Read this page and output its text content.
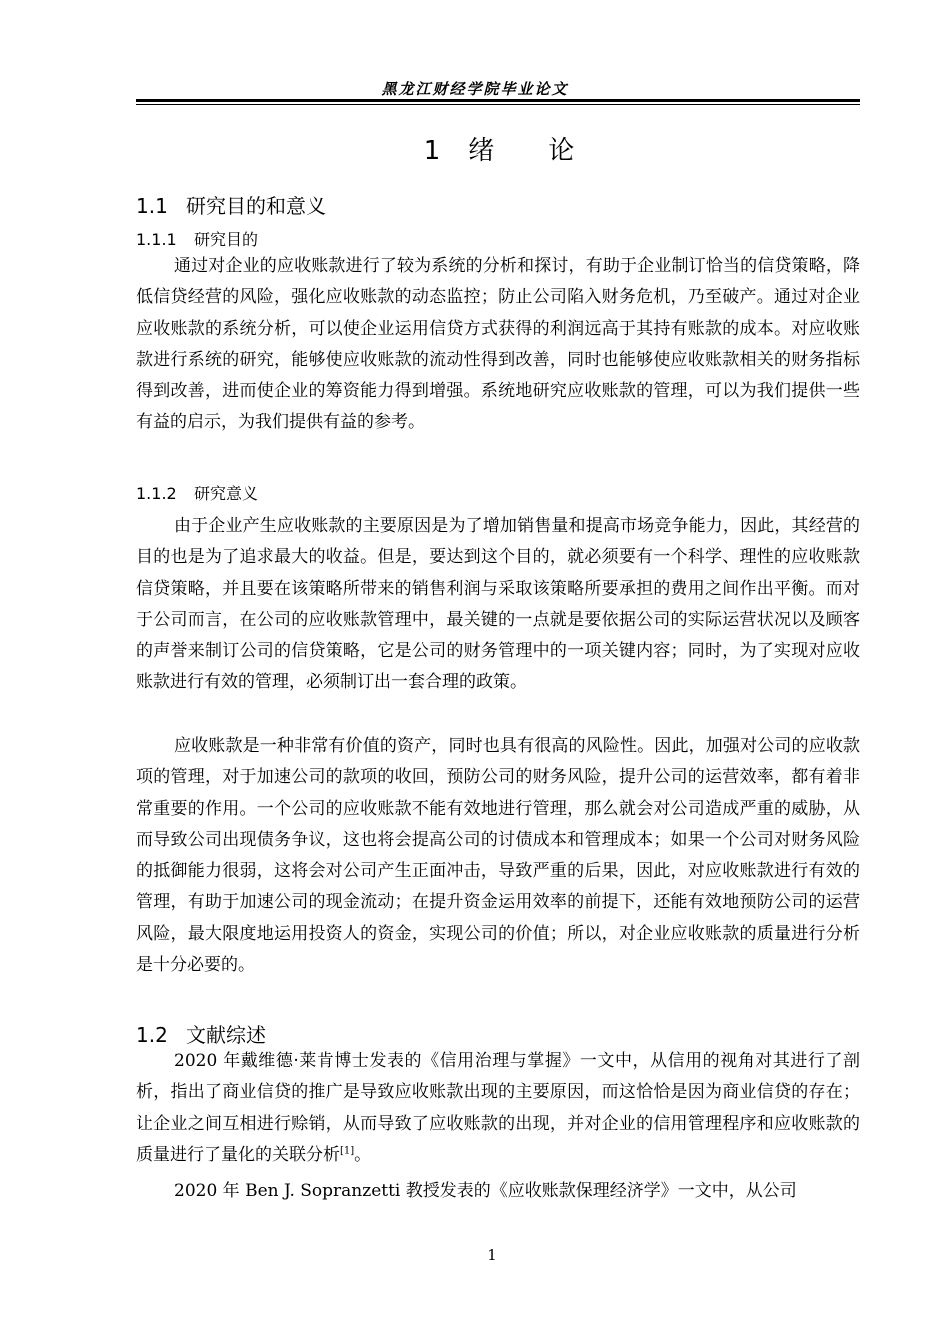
黑龙江财经学院毕业论文
1 绪 论
1.1 研究目的和意义
1.1.1 研究目的

通过对企业的应收账款进行了较为系统的分析和探讨，有助于企业制订恰当的信贷策略，降低信贷经营的风险，强化应收账款的动态监控；防止公司陷入财务危机，乃至破产。通过对企业应收账款的系统分析，可以使企业运用信贷方式获得的利润远高于其持有账款的成本。对应收账款进行系统的研究，能够使应收账款的流动性得到改善，同时也能够使应收账款相关的财务指标得到改善，进而使企业的筹资能力得到增强。系统地研究应收账款的管理，可以为我们提供一些有益的启示，为我们提供有益的参考。

1.1.2 研究意义

由于企业产生应收账款的主要原因是为了增加销售量和提高市场竞争能力，因此，其经营的目的也是为了追求最大的收益。但是，要达到这个目的，就必须要有一个科学、理性的应收账款信贷策略，并且要在该策略所带来的销售利润与采取该策略所要承担的费用之间作出平衡。而对于公司而言，在公司的应收账款管理中，最关键的一点就是要依据公司的实际运营状况以及顾客的声誉来制订公司的信贷策略，它是公司的财务管理中的一项关键内容；同时，为了实现对应收账款进行有效的管理，必须制订出一套合理的政策。

应收账款是一种非常有价值的资产，同时也具有很高的风险性。因此，加强对公司的应收款项的管理，对于加速公司的款项的收回，预防公司的财务风险，提升公司的运营效率，都有着非常重要的作用。一个公司的应收账款不能有效地进行管理，那么就会对公司造成严重的威胁，从而导致公司出现债务争议，这也将会提高公司的讨债成本和管理成本；如果一个公司对财务风险的抵御能力很弱，这将会对公司产生正面冲击，导致严重的后果，因此，对应收账款进行有效的管理，有助于加速公司的现金流动；在提升资金运用效率的前提下，还能有效地预防公司的运营风险，最大限度地运用投资人的资金，实现公司的价值；所以，对企业应收账款的质量进行分析是十分必要的。

1.2 文献综述

2020 年戴维德·莱肯博士发表的《信用治理与掌握》一文中，从信用的视角对其进行了剖析，指出了商业信贷的推广是导致应收账款出现的主要原因，而这恰恰是因为商业信贷的存在；让企业之间互相进行赊销，从而导致了应收账款的出现，并对企业的信用管理程序和应收账款的质量进行了量化的关联分析[1]。

2020 年 Ben J. Sopranzetti 教授发表的《应收账款保理经济学》一文中，从公司

1
